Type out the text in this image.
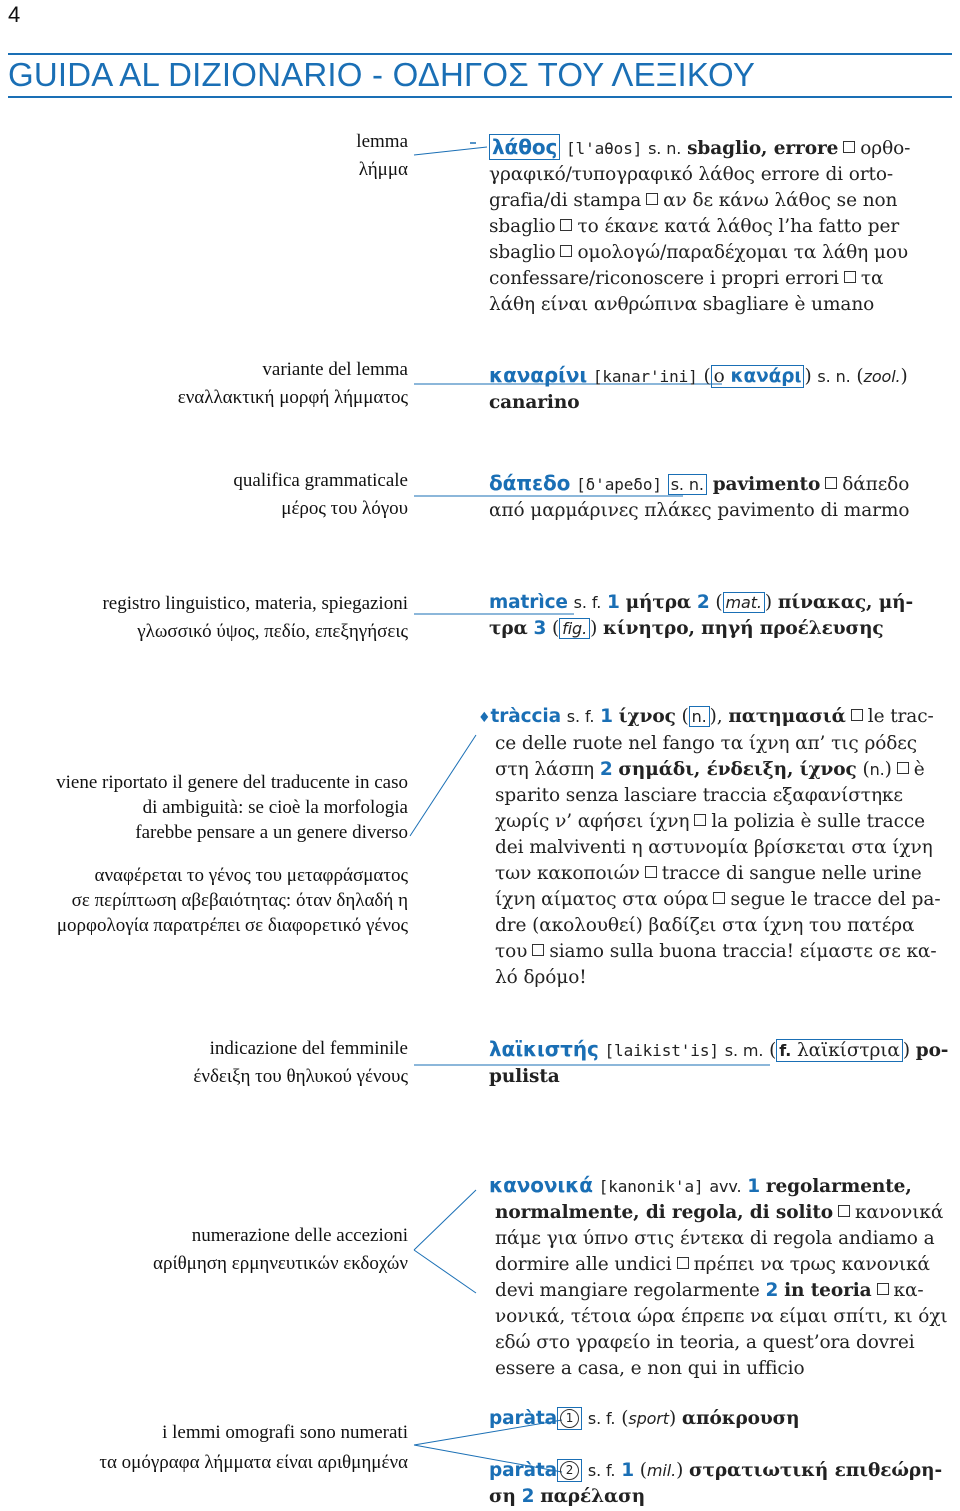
4
GUIDA AL DIZIONARIO - ΟΔΗΓΟΣ ΤΟΥ ΛΕΞΙΚΟΥ
lemma
λήμμα
λάθος [l'aθos] s. n. sbaglio, errore ορθο-
γραφικό/τυπογραφικό λάθος errore di orto-
grafia/di stampa αν δε κάνω λάθος se non
sbaglio το έκανε κατά λάθος l’ha fatto per
sbaglio ομολογώ/παραδέχομαι τα λάθη μου
confessare/riconoscere i propri errori τα
λάθη είναι ανθρώπινα sbagliare è umano
variante del lemma
εναλλακτική μορφή λήμματος
καναρίνι [kanar'ini] ( ο κανάρι ) s. n. (zool.)
canarino
qualifica grammaticale
μέρος του λόγου
δάπεδο [δ'apeδo] s. n. pavimento δάπεδο
από μαρμάρινες πλάκες pavimento di marmo
registro linguistico, materia, spiegazioni
γλωσσικό ύψος, πεδίο, επεξηγήσεις
matrìce s. f. 1 μήτρα 2 ( mat. ) πίνακας, μή-
τρα 3 ( fig. ) κίνητρο, πηγή προέλευσης
viene riportato il genere del traducente in caso
di ambiguità: se cioè la morfologia
farebbe pensare a un genere diverso
αναφέρεται το γένος του μεταφράσματος
σε περίπτωση αβεβαιότητας: όταν δηλαδή η
μορφολογία παρατρέπει σε διαφορετικό γένος
♦tràccia s. f. 1 ίχνος ( n. ), πατημασιά le trac-
ce delle ruote nel fango τα ίχνη απ’ τις ρόδες
στη λάσπη 2 σημάδι, ένδειξη, ίχνος (n.) è
sparito senza lasciare traccia εξαφανίστηκε
χωρίς ν’ αφήσει ίχνη la polizia è sulle tracce
dei malviventi η αστυνομία βρίσκεται στα ίχνη
των κακοποιών tracce di sangue nelle urine
ίχνη αίματος στα ούρα segue le tracce del pa-
dre (ακολουθεί) βαδίζει στα ίχνη του πατέρα
του siamo sulla buona traccia! είμαστε σε κα-
λό δρόμο!
indicazione del femminile
ένδειξη του θηλυκού γένους
λαϊκιστής [laikist'is] s. m. ( f. λαϊκίστρια ) po-
pulista
numerazione delle accezioni
αρίθμηση ερμηνευτικών εκδοχών
κανονικά [kanonik'a] avv. 1 regolarmente,
normalmente, di regola, di solito κανονικά
πάμε για ύπνο στις έντεκα di regola andiamo a
dormire alle undici πρέπει να τρως κανονικά
devi mangiare regolarmente 2 in teoria κα-
νονικά, τέτοια ώρα έπρεπε να είμαι σπίτι, κι όχι
εδώ στο γραφείο in teoria, a quest’ora dovrei
essere a casa, e non qui in ufficio
i lemmi omografi sono numerati
τα ομόγραφα λήμματα είναι αριθμημένα
paràta 1 s. f. (sport) απόκρουση
paràta 2 s. f. 1 (mil.) στρατιωτική επιθεώρη-
ση 2 παρέλαση
